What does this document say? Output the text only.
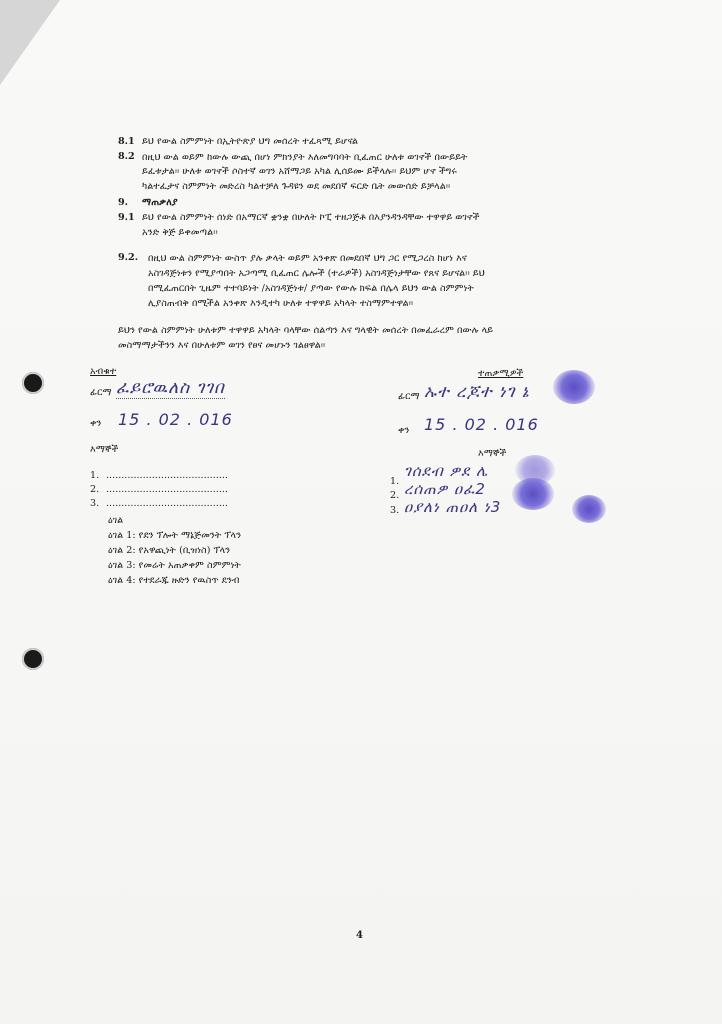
8.1 ይህ የውል ስምምነት በኢትዮጵያ ህግ መሰረት ተፈጻሚ ይሆናል
8.2 በዚህ ውል ወይም ከውሉ ውጪ በሆነ ምክንያት እለመግባባት ቢፈጠር ሁለቱ ወገኖች በውይይት
ይፈቱታል፡፡ ሁለቱ ወገኖች ሶስተኛ ወገን አሸማጋይ አካል ሊሰይሙ ይችላሉ፡፡ ይህም ሆኖ ችግሩ
ካልተፈታና ስምምነት መድረስ ካልተቻለ ጉዳዩን ወደ መደበኛ ፍርድ ቤት መውሰድ ይቻላል፡፡
9. ማጠቃለያ
9.1 ይህ የውል ስምምነት ሰነድ በአማርኛ ቋንቋ በሁለት ኮፒ ተዘጋጅቶ በእያንዳንዳቸው ተዋዋይ ወገኖች
አንድ ቅጅ ይቀመጣል፡፡
9.2. በዚህ ውል ስምምነት ውስጥ ያሉ ቃላት ወይም አንቀጽ በመደበኛ ህግ ጋር የሚጋረስ ከሆነ እና
አስገዳጅነቱን የሚያጣበት አጋጣሚ ቢፈጠር ሌሎች (ተራዎች) አስገዳጅነታቸው የጸና ይሆናል፡፡ ይህ
በሚፈጠርበት ጊዜም ተተባይነት /አስገዳጅነቱ/ ያጣው የውሉ ክፍል በሌላ ይህን ውል ስምምነት
ሊያስጠብቅ በሚችል አንቀጽ እንዲተካ ሁለቱ ተዋዋይ አካላት ተስማምተዋል፡፡
ይህን የውል ስምምነት ሁለቱም ተዋዋይ አካላት ባላቸው ሰልጣን እና ግላዊት መሰረት በመፈራረም በውሉ ላይ
መስማማታችንን እና በሁለቱም ወገን የፀና መሆኑን ገልፀዋል፡፡
አብቁተ
ፊርማ ፈይሮዉለስ ገገበ
ቀን 15 . 02 . 016
ተጠቃሚዎች
ፊርማ ኡተ ረጆተ ነገ ኔ
ቀን 15 . 02 . 016
እማኞች
1. ........................................
2. ........................................
3. ........................................
እማኞች
1.
ገሰደብ ዎደ ሌ
2. ረሰጠዎ ዐፈ2
3. ዐያለነ ጠዐለ ነ3
ዕገል
ዕገል 1: የደን ፕሎት ማኔጅመንት ፕላን
ዕገል 2: የአዋጪነት (ቢዝነስ) ፕላን
ዕገል 3: የመሬት አጠቃቀም ስምምነት
ዕገል 4: የተደራጁ ዙድን የዉስጥ ደንብ
4
